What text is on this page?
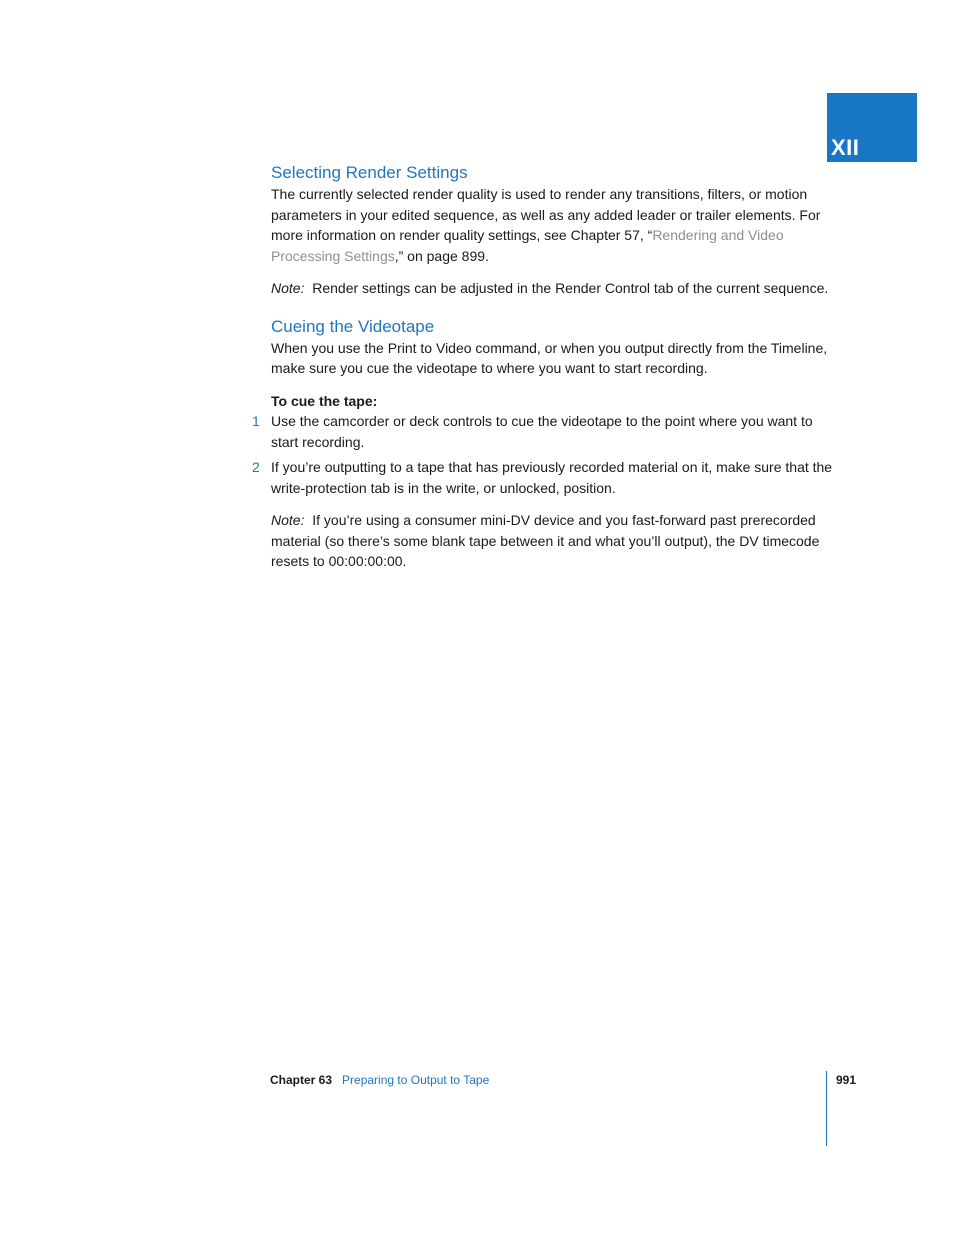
XII
Selecting Render Settings

The currently selected render quality is used to render any transitions, filters, or motion parameters in your edited sequence, as well as any added leader or trailer elements. For more information on render quality settings, see Chapter 57, “Rendering and Video Processing Settings,” on page 899.

Note: Render settings can be adjusted in the Render Control tab of the current sequence.

Cueing the Videotape

When you use the Print to Video command, or when you output directly from the Timeline, make sure you cue the videotape to where you want to start recording.

To cue the tape:

1 Use the camcorder or deck controls to cue the videotape to the point where you want to start recording.

2 If you’re outputting to a tape that has previously recorded material on it, make sure that the write-protection tab is in the write, or unlocked, position.

Note: If you’re using a consumer mini-DV device and you fast-forward past prerecorded material (so there’s some blank tape between it and what you’ll output), the DV timecode resets to 00:00:00:00.

Chapter 63 Preparing to Output to Tape	991
